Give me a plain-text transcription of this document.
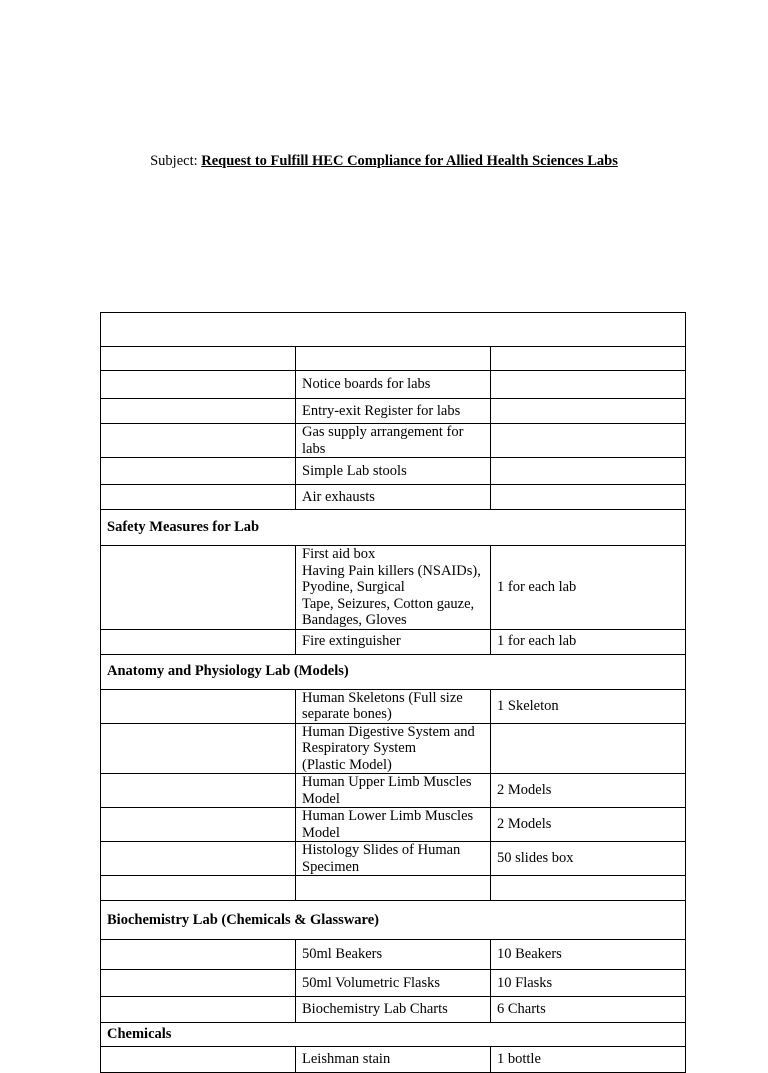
Subject: Request to Fulfill HEC Compliance for Allied Health Sciences Labs

	Notice boards for labs	

	Entry-exit Register for labs	

	Gas supply arrangement for labs	

	Simple Lab stools	

	Air exhausts	

Safety Measures for Lab		

	First aid box
Having Pain killers (NSAIDs), Pyodine, Surgical
Tape, Seizures, Cotton gauze, Bandages, Gloves	1 for each lab

	Fire extinguisher	1 for each lab
Anatomy and Physiology Lab (Models)		

	Human Skeletons (Full size separate bones)	1 Skeleton

	Human Digestive System and Respiratory System
(Plastic Model)	

	Human Upper Limb Muscles Model	2 Models

	Human Lower Limb Muscles Model	2 Models

	Histology Slides of Human Specimen	50 slides box

Biochemistry Lab (Chemicals & Glassware)		

	50ml Beakers	10 Beakers

	50ml Volumetric Flasks	10 Flasks

	Biochemistry Lab Charts	6 Charts
Chemicals		

	Leishman stain	1 bottle
